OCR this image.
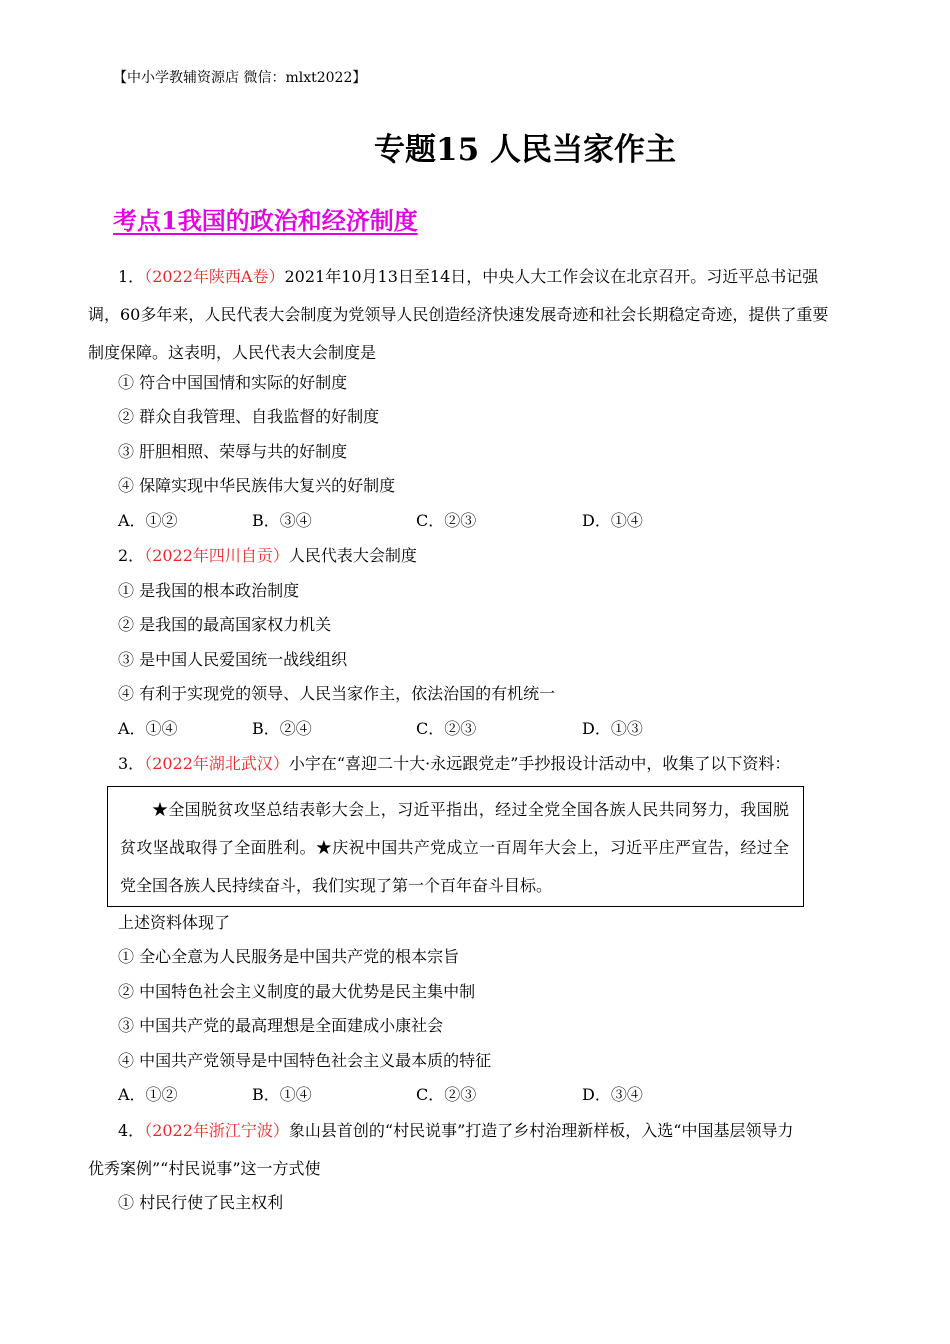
【中小学教辅资源店 微信：mlxt2022】
专题15 人民当家作主
考点1我国的政治和经济制度
1．（2022年陕西A卷）2021年10月13日至14日，中央人大工作会议在北京召开。习近平总书记强
调，60多年来，人民代表大会制度为党领导人民创造经济快速发展奇迹和社会长期稳定奇迹，提供了重要
制度保障。这表明，人民代表大会制度是
① 符合中国国情和实际的好制度
② 群众自我管理、自我监督的好制度
③ 肝胆相照、荣辱与共的好制度
④ 保障实现中华民族伟大复兴的好制度
A．①②	B．③④	C．②③	D．①④
2．（2022年四川自贡）人民代表大会制度
① 是我国的根本政治制度
② 是我国的最高国家权力机关
③ 是中国人民爱国统一战线组织
④ 有利于实现党的领导、人民当家作主，依法治国的有机统一
A．①④	B．②④	C．②③	D．①③
3．（2022年湖北武汉）小宇在“喜迎二十大·永远跟党走”手抄报设计活动中，收集了以下资料：

★全国脱贫攻坚总结表彰大会上，习近平指出，经过全党全国各族人民共同努力，我国脱贫攻坚战取得了全面胜利。★庆祝中国共产党成立一百周年大会上，习近平庄严宣告，经过全党全国各族人民持续奋斗，我们实现了第一个百年奋斗目标。

上述资料体现了
① 全心全意为人民服务是中国共产党的根本宗旨
② 中国特色社会主义制度的最大优势是民主集中制
③ 中国共产党的最高理想是全面建成小康社会
④ 中国共产党领导是中国特色社会主义最本质的特征
A．①②	B．①④	C．②③	D．③④
4．（2022年浙江宁波）象山县首创的“村民说事”打造了乡村治理新样板，入选“中国基层领导力
优秀案例”“村民说事”这一方式使
① 村民行使了民主权利
